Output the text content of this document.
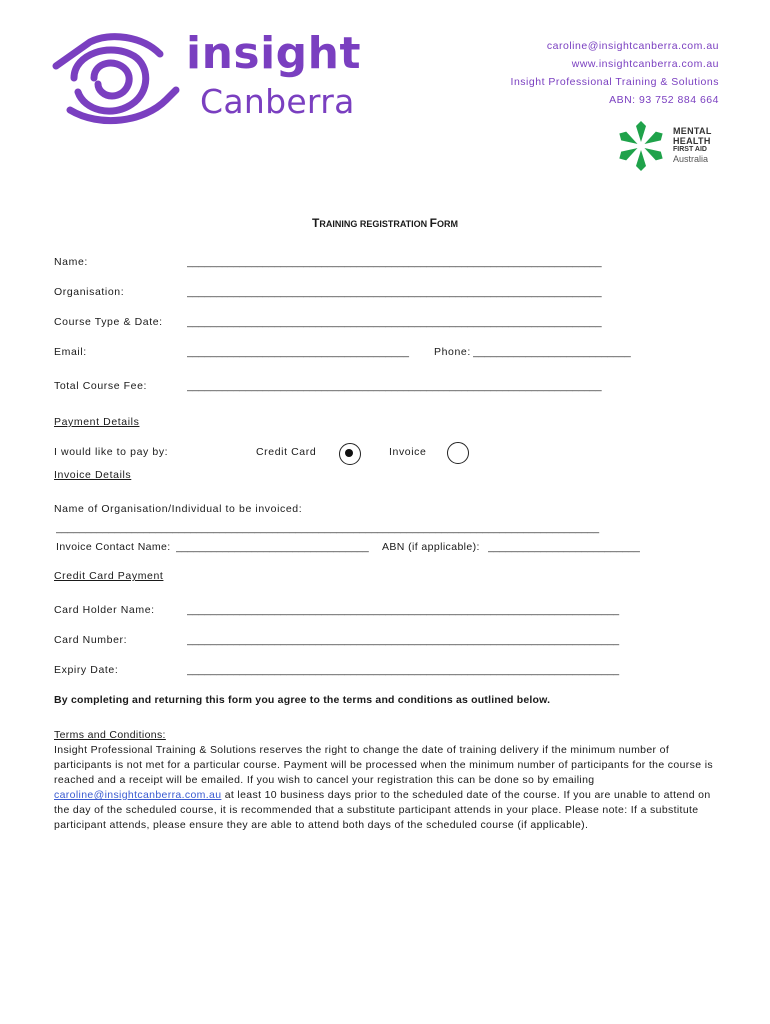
insight
Canberra
caroline@insightcanberra.com.au
www.insightcanberra.com.au
Insight Professional Training & Solutions
ABN: 93 752 884 664
MENTAL
HEALTH
FIRST AID
Australia
TRAINING REGISTRATION FORM
Name:	_______________________________________________________________________
Organisation:	_______________________________________________________________________
Course Type & Date: _______________________________________________________________________
Email:	______________________________________	Phone: ___________________________
Total Course Fee:	_______________________________________________________________________
Payment Details
I would like to pay by:	Credit Card	Invoice
Invoice Details
Name of Organisation/Individual to be invoiced:
_____________________________________________________________________________________________
Invoice Contact Name: _________________________________	ABN (if applicable): __________________________
Credit Card Payment
Card Holder Name:	__________________________________________________________________________
Card Number:	__________________________________________________________________________
Expiry Date:	__________________________________________________________________________
By completing and returning this form you agree to the terms and conditions as outlined below.

Terms and Conditions:

Insight Professional Training & Solutions reserves the right to change the date of training delivery if the minimum number of participants is not met for a particular course. Payment will be processed when the minimum number of participants for the course is reached and a receipt will be emailed. If you wish to cancel your registration this can be done so by emailing caroline@insightcanberra.com.au at least 10 business days prior to the scheduled date of the course. If you are unable to attend on the day of the scheduled course, it is recommended that a substitute participant attends in your place. Please note: If a substitute participant attends, please ensure they are able to attend both days of the scheduled course (if applicable).
